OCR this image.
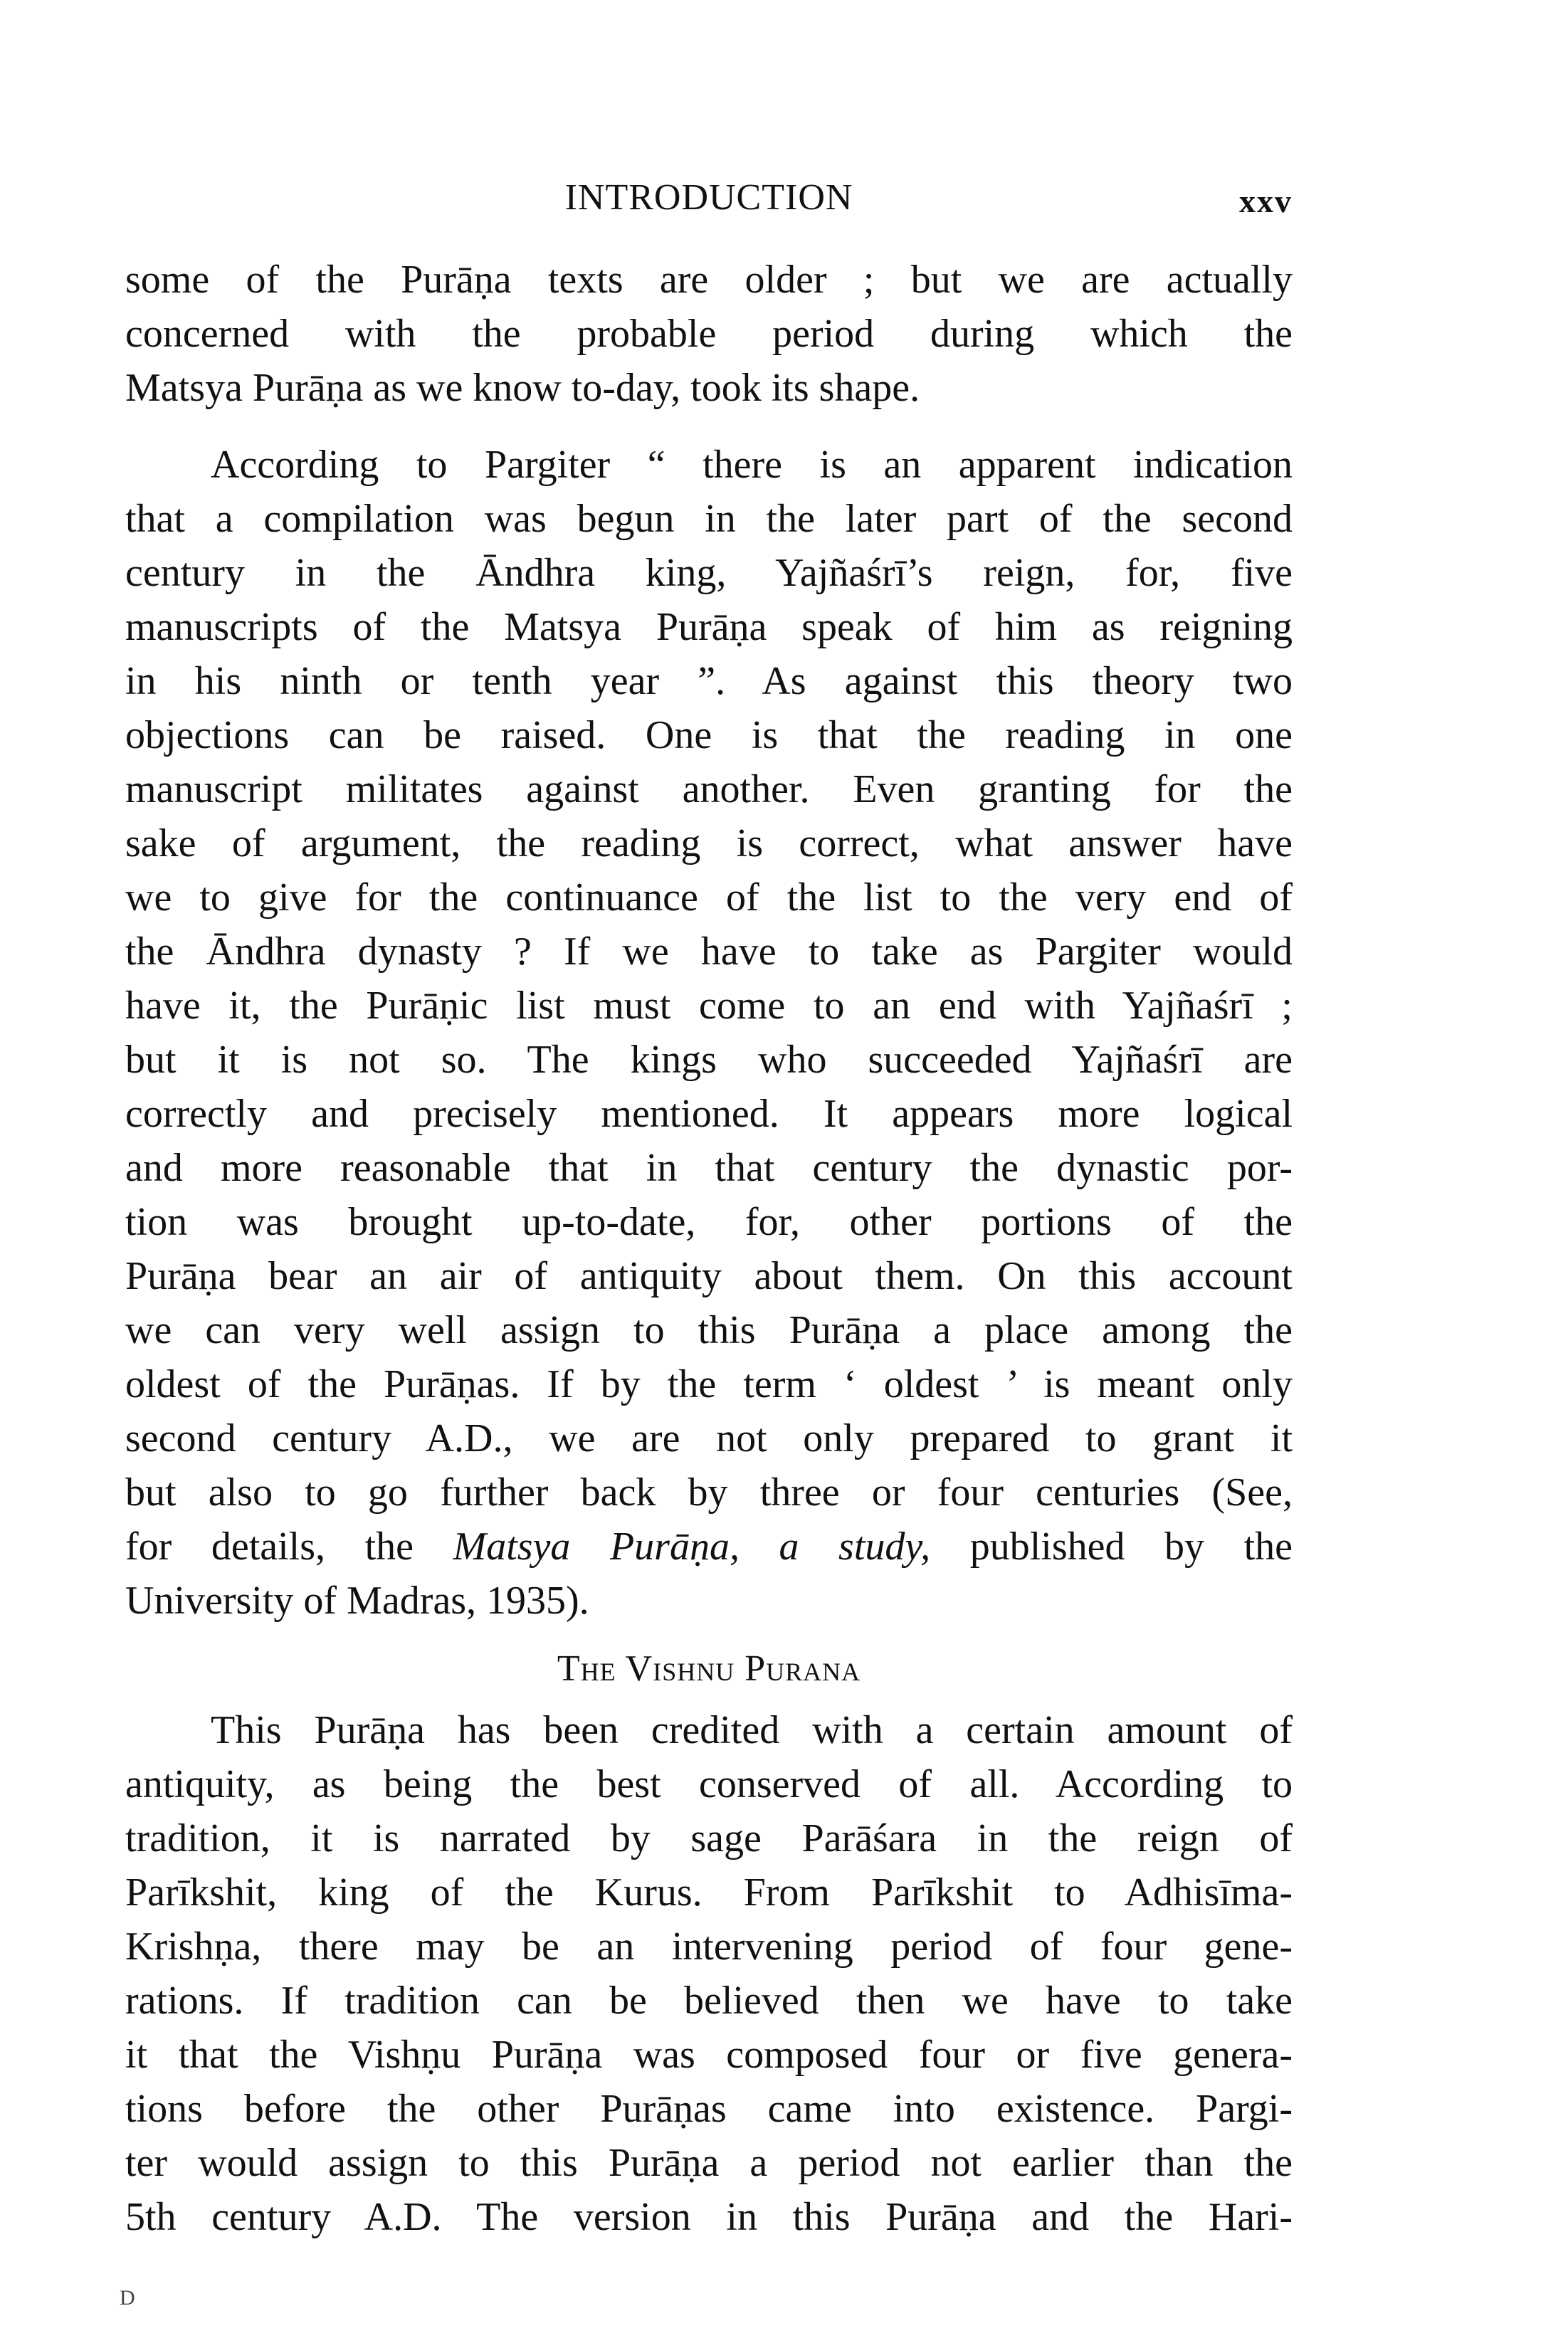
INTRODUCTION	xxv
some of the Purāṇa texts are older ; but we are actually
concerned with the probable period during which the
Matsya Purāṇa as we know to-day, took its shape.
According to Pargiter “ there is an apparent indication
that a compilation was begun in the later part of the second
century in the Āndhra king, Yajñaśrī’s reign, for, five
manuscripts of the Matsya Purāṇa speak of him as reigning
in his ninth or tenth year ”. As against this theory two
objections can be raised. One is that the reading in one
manuscript militates against another. Even granting for the
sake of argument, the reading is correct, what answer have
we to give for the continuance of the list to the very end of
the Āndhra dynasty ? If we have to take as Pargiter would
have it, the Purāṇic list must come to an end with Yajñaśrī ;
but it is not so. The kings who succeeded Yajñaśrī are
correctly and precisely mentioned. It appears more logical
and more reasonable that in that century the dynastic por-
tion was brought up-to-date, for, other portions of the
Purāṇa bear an air of antiquity about them. On this account
we can very well assign to this Purāṇa a place among the
oldest of the Purāṇas. If by the term ‘ oldest ’ is meant only
second century A.D., we are not only prepared to grant it
but also to go further back by three or four centuries (See,
for details, the Matsya Purāṇa, a study, published by the
University of Madras, 1935).
The Vishnu Purana
This Purāṇa has been credited with a certain amount of
antiquity, as being the best conserved of all. According to
tradition, it is narrated by sage Parāśara in the reign of
Parīkshit, king of the Kurus. From Parīkshit to Adhisīma-
Krishṇa, there may be an intervening period of four gene-
rations. If tradition can be believed then we have to take
it that the Vishṇu Purāṇa was composed four or five genera-
tions before the other Purāṇas came into existence. Pargi-
ter would assign to this Purāṇa a period not earlier than the
5th century A.D. The version in this Purāṇa and the Hari-
D
